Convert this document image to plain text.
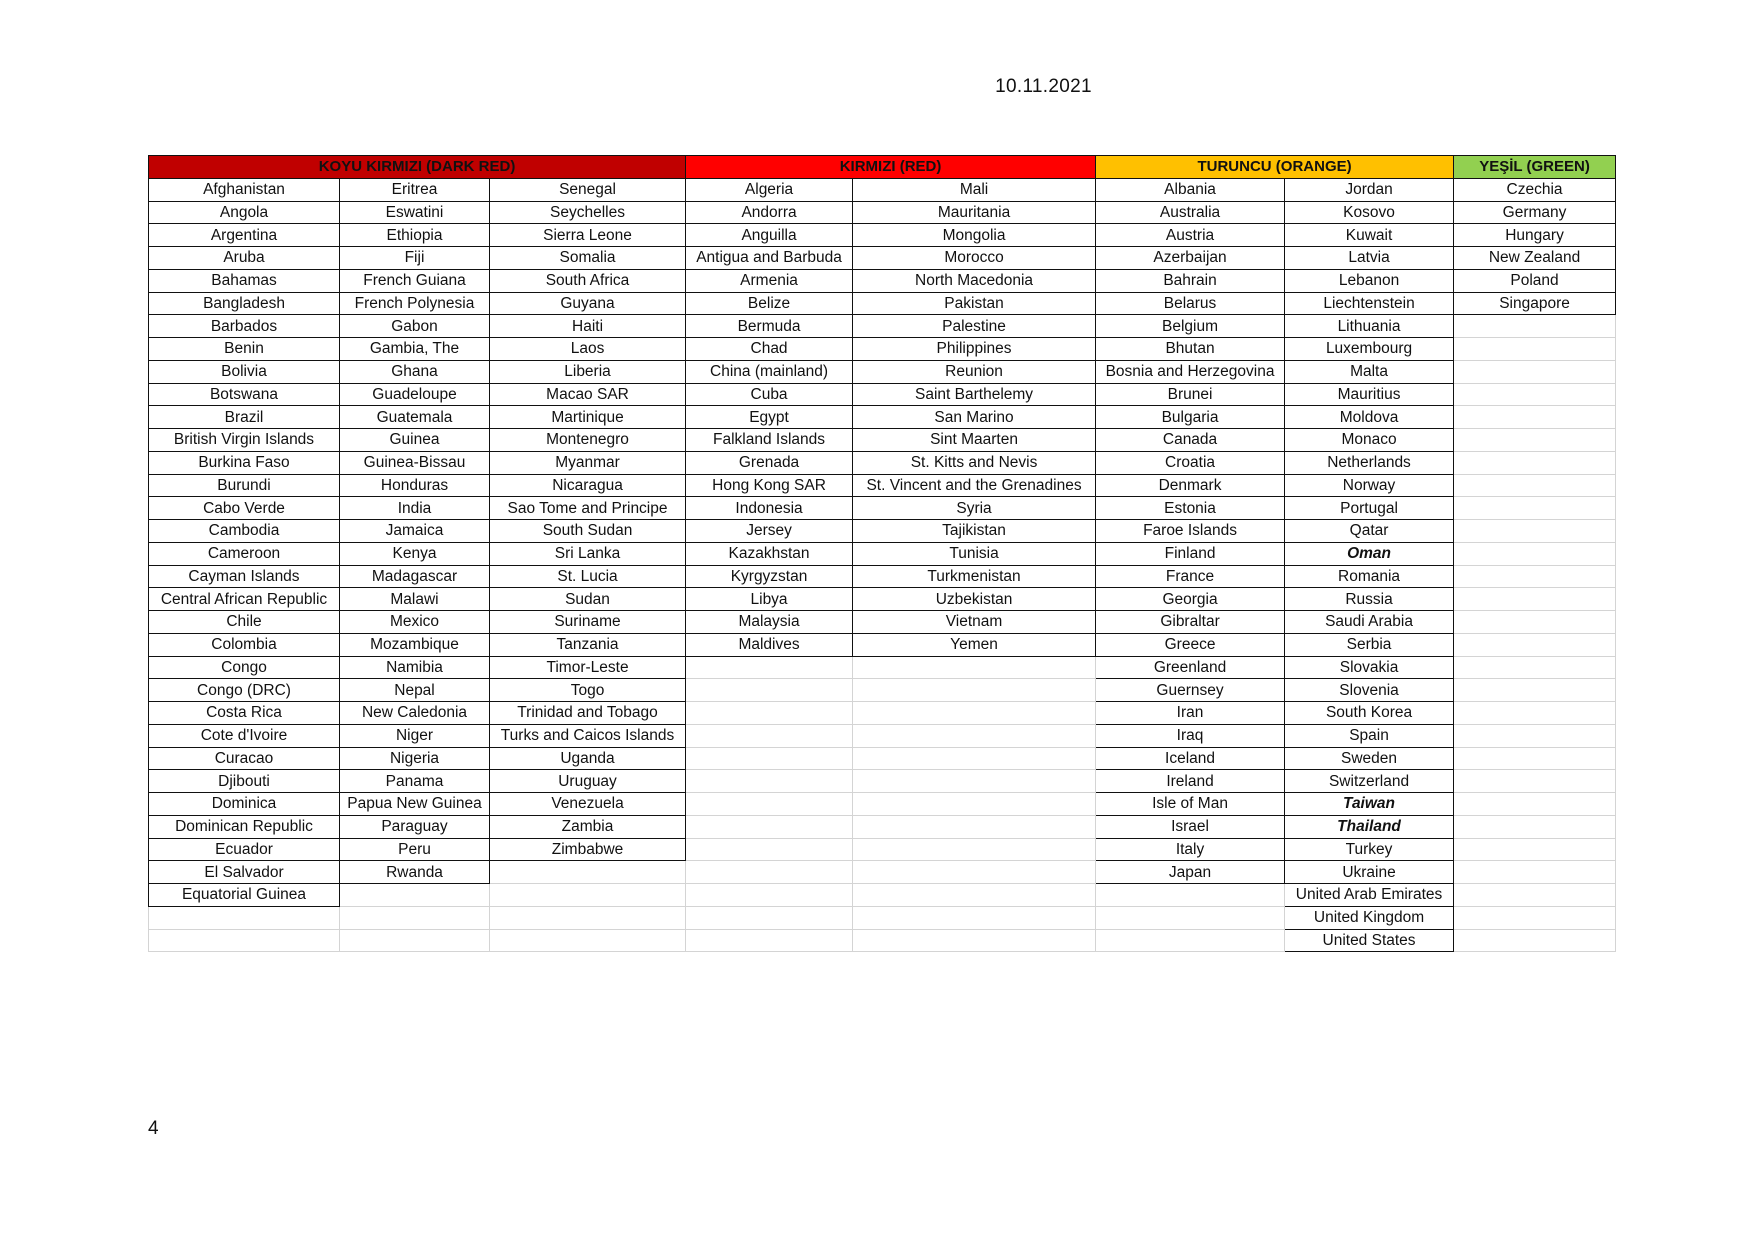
10.11.2021
KOYU KIRMIZI (DARK RED)			KIRMIZI (RED)		TURUNCU (ORANGE)		YEŞİL (GREEN)
Afghanistan	Eritrea	Senegal	Algeria	Mali	Albania	Jordan	Czechia
Angola	Eswatini	Seychelles	Andorra	Mauritania	Australia	Kosovo	Germany
Argentina	Ethiopia	Sierra Leone	Anguilla	Mongolia	Austria	Kuwait	Hungary
Aruba	Fiji	Somalia	Antigua and Barbuda	Morocco	Azerbaijan	Latvia	New Zealand
Bahamas	French Guiana	South Africa	Armenia	North Macedonia	Bahrain	Lebanon	Poland
Bangladesh	French Polynesia	Guyana	Belize	Pakistan	Belarus	Liechtenstein	Singapore
Barbados	Gabon	Haiti	Bermuda	Palestine	Belgium	Lithuania	
Benin	Gambia, The	Laos	Chad	Philippines	Bhutan	Luxembourg	
Bolivia	Ghana	Liberia	China (mainland)	Reunion	Bosnia and Herzegovina	Malta	
Botswana	Guadeloupe	Macao SAR	Cuba	Saint Barthelemy	Brunei	Mauritius	
Brazil	Guatemala	Martinique	Egypt	San Marino	Bulgaria	Moldova	
British Virgin Islands	Guinea	Montenegro	Falkland Islands	Sint Maarten	Canada	Monaco	
Burkina Faso	Guinea-Bissau	Myanmar	Grenada	St. Kitts and Nevis	Croatia	Netherlands	
Burundi	Honduras	Nicaragua	Hong Kong SAR	St. Vincent and the Grenadines	Denmark	Norway	
Cabo Verde	India	Sao Tome and Principe	Indonesia	Syria	Estonia	Portugal	
Cambodia	Jamaica	South Sudan	Jersey	Tajikistan	Faroe Islands	Qatar	
Cameroon	Kenya	Sri Lanka	Kazakhstan	Tunisia	Finland	Oman	
Cayman Islands	Madagascar	St. Lucia	Kyrgyzstan	Turkmenistan	France	Romania	
Central African Republic	Malawi	Sudan	Libya	Uzbekistan	Georgia	Russia	
Chile	Mexico	Suriname	Malaysia	Vietnam	Gibraltar	Saudi Arabia	
Colombia	Mozambique	Tanzania	Maldives	Yemen	Greece	Serbia	
Congo	Namibia	Timor-Leste			Greenland	Slovakia	
Congo (DRC)	Nepal	Togo			Guernsey	Slovenia	
Costa Rica	New Caledonia	Trinidad and Tobago			Iran	South Korea	
Cote d'Ivoire	Niger	Turks and Caicos Islands			Iraq	Spain	
Curacao	Nigeria	Uganda			Iceland	Sweden	
Djibouti	Panama	Uruguay			Ireland	Switzerland	
Dominica	Papua New Guinea	Venezuela			Isle of Man	Taiwan	
Dominican Republic	Paraguay	Zambia			Israel	Thailand	
Ecuador	Peru	Zimbabwe			Italy	Turkey	
El Salvador	Rwanda				Japan	Ukraine	
Equatorial Guinea						United Arab Emirates	
						United Kingdom	
						United States	
4
